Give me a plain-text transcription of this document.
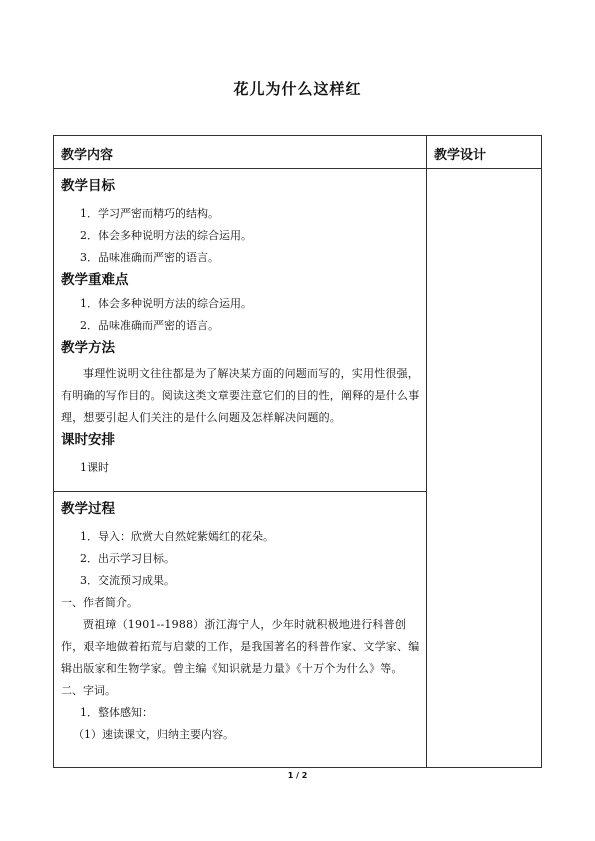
花儿为什么这样红
教学内容	教学设计
教学目标
1．学习严密而精巧的结构。
2．体会多种说明方法的综合运用。
3．品味准确而严密的语言。
教学重难点
1．体会多种说明方法的综合运用。
2．品味准确而严密的语言。
教学方法

事理性说明文往往都是为了解决某方面的问题而写的，实用性很强，有明确的写作目的。阅读这类文章要注意它们的目的性，阐释的是什么事理，想要引起人们关注的是什么问题及怎样解决问题的。

课时安排
1课时
教学过程
1．导入：欣赏大自然姹紫嫣红的花朵。
2．出示学习目标。
3．交流预习成果。
一、作者简介。

贾祖璋（1901--1988）浙江海宁人，少年时就积极地进行科普创作，艰辛地做着拓荒与启蒙的工作，是我国著名的科普作家、文学家、编辑出版家和生物学家。曾主编《知识就是力量》《十万个为什么》等。

二、字词。
1．整体感知：
（1）速读课文，归纳主要内容。
1 / 2
